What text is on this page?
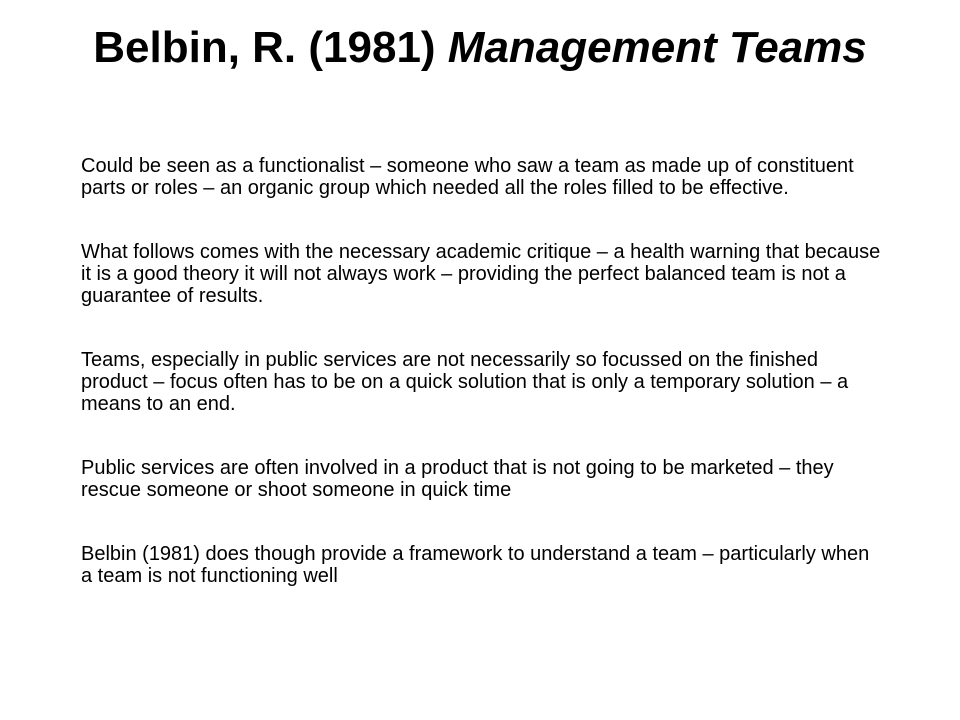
Belbin, R. (1981) Management Teams

Could be seen as a functionalist – someone who saw a team as made up of constituent parts or roles – an organic group which needed all the roles filled to be effective.

What follows comes with the necessary academic critique – a health warning that because it is a good theory it will not always work – providing the perfect balanced team is not a guarantee of results.

Teams, especially in public services are not necessarily so focussed on the finished product – focus often has to be on a quick solution that is only a temporary solution – a means to an end.

Public services are often involved in a product that is not going to be marketed – they rescue someone or shoot someone in quick time

Belbin (1981) does though provide a framework to understand a team – particularly when a team is not functioning well
